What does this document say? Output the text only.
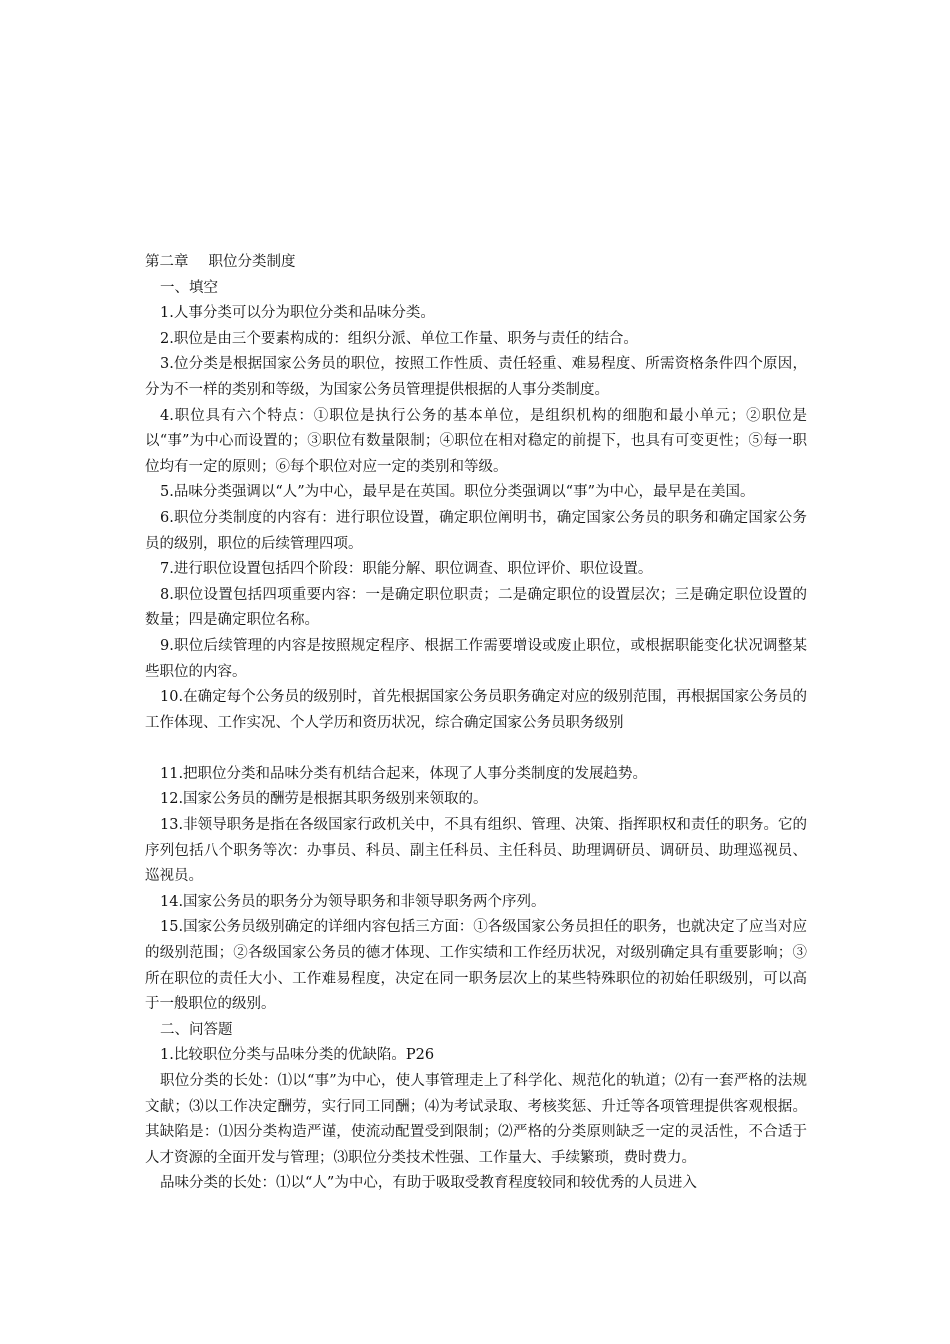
第二章 职位分类制度

一、填空

1.人事分类可以分为职位分类和品味分类。

2.职位是由三个要素构成的：组织分派、单位工作量、职务与责任的结合。

3.位分类是根据国家公务员的职位，按照工作性质、责任轻重、难易程度、所需资格条件四个原因，分为不一样的类别和等级，为国家公务员管理提供根据的人事分类制度。

4.职位具有六个特点：①职位是执行公务的基本单位，是组织机构的细胞和最小单元；②职位是以“事”为中心而设置的；③职位有数量限制；④职位在相对稳定的前提下，也具有可变更性；⑤每一职位均有一定的原则；⑥每个职位对应一定的类别和等级。

5.品味分类强调以“人”为中心，最早是在英国。职位分类强调以“事”为中心，最早是在美国。

6.职位分类制度的内容有：进行职位设置，确定职位阐明书，确定国家公务员的职务和确定国家公务员的级别，职位的后续管理四项。

7.进行职位设置包括四个阶段：职能分解、职位调查、职位评价、职位设置。

8.职位设置包括四项重要内容：一是确定职位职责；二是确定职位的设置层次；三是确定职位设置的数量；四是确定职位名称。

9.职位后续管理的内容是按照规定程序、根据工作需要增设或废止职位，或根据职能变化状况调整某些职位的内容。

10.在确定每个公务员的级别时，首先根据国家公务员职务确定对应的级别范围，再根据国家公务员的工作体现、工作实况、个人学历和资历状况，综合确定国家公务员职务级别

11.把职位分类和品味分类有机结合起来，体现了人事分类制度的发展趋势。

12.国家公务员的酬劳是根据其职务级别来领取的。

13.非领导职务是指在各级国家行政机关中，不具有组织、管理、决策、指挥职权和责任的职务。它的序列包括八个职务等次：办事员、科员、副主任科员、主任科员、助理调研员、调研员、助理巡视员、巡视员。

14.国家公务员的职务分为领导职务和非领导职务两个序列。

15.国家公务员级别确定的详细内容包括三方面：①各级国家公务员担任的职务，也就决定了应当对应的级别范围；②各级国家公务员的德才体现、工作实绩和工作经历状况，对级别确定具有重要影响；③所在职位的责任大小、工作难易程度，决定在同一职务层次上的某些特殊职位的初始任职级别，可以高于一般职位的级别。

二、问答题

1.比较职位分类与品味分类的优缺陷。P26

职位分类的长处：⑴以“事”为中心，使人事管理走上了科学化、规范化的轨道；⑵有一套严格的法规文献；⑶以工作决定酬劳，实行同工同酬；⑷为考试录取、考核奖惩、升迁等各项管理提供客观根据。其缺陷是：⑴因分类构造严谨，使流动配置受到限制；⑵严格的分类原则缺乏一定的灵活性，不合适于人才资源的全面开发与管理；⑶职位分类技术性强、工作量大、手续繁琐，费时费力。

品味分类的长处：⑴以“人”为中心，有助于吸取受教育程度较同和较优秀的人员进入
